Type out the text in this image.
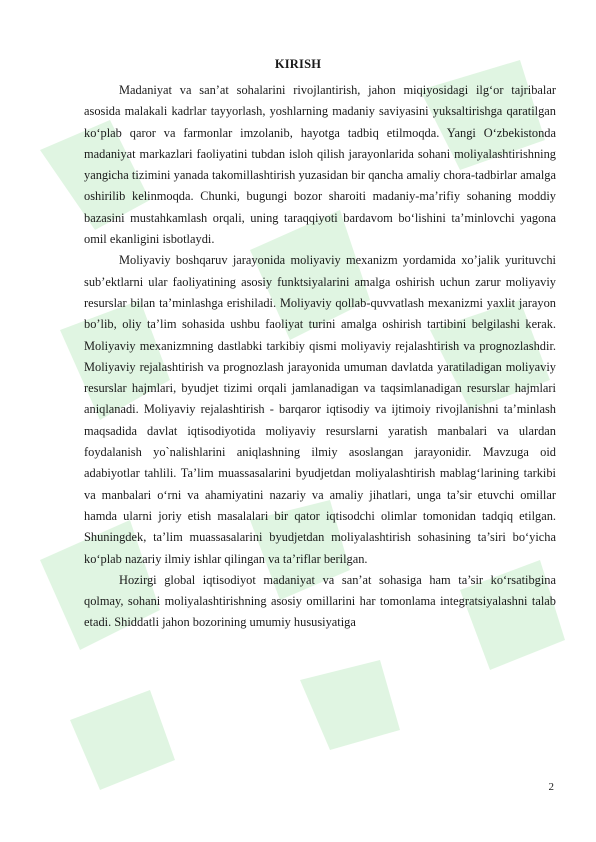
KIRISH

Madaniyat va san’at sohalarini rivojlantirish, jahon miqiyosidagi ilg‘or tajribalar asosida malakali kadrlar tayyorlash, yoshlarning madaniy saviyasini yuksaltirishga qaratilgan ko‘plab qaror va farmonlar imzolanib, hayotga tadbiq etilmoqda. Yangi O‘zbekistonda madaniyat markazlari faoliyatini tubdan isloh qilish jarayonlarida sohani moliyalashtirishning yangicha tizimini yanada takomillashtirish yuzasidan bir qancha amaliy chora-tadbirlar amalga oshirilib kelinmoqda. Chunki, bugungi bozor sharoiti madaniy-ma’rifiy sohaning moddiy bazasini mustahkamlash orqali, uning taraqqiyoti bardavom bo‘lishini ta’minlovchi yagona omil ekanligini isbotlaydi.

Moliyaviy boshqaruv jarayonida moliyaviy mexanizm yordamida xo’jalik yurituvchi sub’ektlarni ular faoliyatining asosiy funktsiyalarini amalga oshirish uchun zarur moliyaviy resurslar bilan ta’minlashga erishiladi. Moliyaviy qollab-quvvatlash mexanizmi yaxlit jarayon bo’lib, oliy ta’lim sohasida ushbu faoliyat turini amalga oshirish tartibini belgilashi kerak. Moliyaviy mexanizmning dastlabki tarkibiy qismi moliyaviy rejalashtirish va prognozlashdir. Moliyaviy rejalashtirish va prognozlash jarayonida umuman davlatda yaratiladigan moliyaviy resurslar hajmlari, byudjet tizimi orqali jamlanadigan va taqsimlanadigan resurslar hajmlari aniqlanadi. Moliyaviy rejalashtirish - barqaror iqtisodiy va ijtimoiy rivojlanishni ta’minlash maqsadida davlat iqtisodiyotida moliyaviy resurslarni yaratish manbalari va ulardan foydalanish yo`nalishlarini aniqlashning ilmiy asoslangan jarayonidir. Mavzuga oid adabiyotlar tahlili. Ta’lim muassasalarini byudjetdan moliyalashtirish mablag‘larining tarkibi va manbalari o‘rni va ahamiyatini nazariy va amaliy jihatlari, unga ta’sir etuvchi omillar hamda ularni joriy etish masalalari bir qator iqtisodchi olimlar tomonidan tadqiq etilgan. Shuningdek, ta’lim muassasalarini byudjetdan moliyalashtirish sohasining ta’siri bo‘yicha ko‘plab nazariy ilmiy ishlar qilingan va ta’riflar berilgan.

Hozirgi global iqtisodiyot madaniyat va san’at sohasiga ham ta’sir ko‘rsatibgina qolmay, sohani moliyalashtirishning asosiy omillarini har tomonlama integratsiyalashni talab etadi. Shiddatli jahon bozorining umumiy hususiyatiga

2
